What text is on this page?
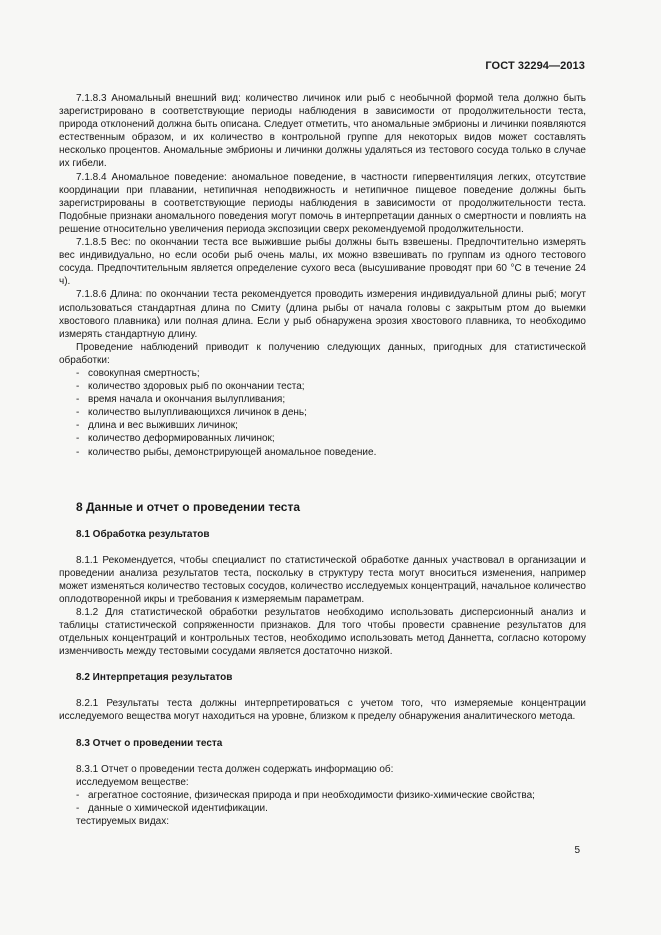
ГОСТ 32294—2013

7.1.8.3 Аномальный внешний вид: количество личинок или рыб с необычной формой тела должно быть зарегистрировано в соответствующие периоды наблюдения в зависимости от продолжительности теста, природа отклонений должна быть описана. Следует отметить, что аномальные эмбрионы и личинки появляются естественным образом, и их количество в контрольной группе для некоторых видов может составлять несколько процентов. Аномальные эмбрионы и личинки должны удаляться из тестового сосуда только в случае их гибели.

7.1.8.4 Аномальное поведение: аномальное поведение, в частности гипервентиляция легких, отсутствие координации при плавании, нетипичная неподвижность и нетипичное пищевое поведение должны быть зарегистрированы в соответствующие периоды наблюдения в зависимости от продолжительности теста. Подобные признаки аномального поведения могут помочь в интерпретации данных о смертности и повлиять на решение относительно увеличения периода экспозиции сверх рекомендуемой продолжительности.

7.1.8.5 Вес: по окончании теста все выжившие рыбы должны быть взвешены. Предпочтительно измерять вес индивидуально, но если особи рыб очень малы, их можно взвешивать по группам из одного тестового сосуда. Предпочтительным является определение сухого веса (высушивание проводят при 60 °С в течение 24 ч).

7.1.8.6 Длина: по окончании теста рекомендуется проводить измерения индивидуальной длины рыб; могут использоваться стандартная длина по Смиту (длина рыбы от начала головы с закрытым ртом до выемки хвостового плавника) или полная длина. Если у рыб обнаружена эрозия хвостового плавника, то необходимо измерять стандартную длину.

Проведение наблюдений приводит к получению следующих данных, пригодных для статистической обработки:

- совокупная смертность;
- количество здоровых рыб по окончании теста;
- время начала и окончания вылупливания;
- количество вылупливающихся личинок в день;
- длина и вес выживших личинок;
- количество деформированных личинок;
- количество рыбы, демонстрирующей аномальное поведение.
8 Данные и отчет о проведении теста
8.1 Обработка результатов

8.1.1 Рекомендуется, чтобы специалист по статистической обработке данных участвовал в организации и проведении анализа результатов теста, поскольку в структуру теста могут вноситься изменения, например может изменяться количество тестовых сосудов, количество исследуемых концентраций, начальное количество оплодотворенной икры и требования к измеряемым параметрам.

8.1.2 Для статистической обработки результатов необходимо использовать дисперсионный анализ и таблицы статистической сопряженности признаков. Для того чтобы провести сравнение результатов для отдельных концентраций и контрольных тестов, необходимо использовать метод Даннетта, согласно которому изменчивость между тестовыми сосудами является достаточно низкой.

8.2 Интерпретация результатов

8.2.1 Результаты теста должны интерпретироваться с учетом того, что измеряемые концентрации исследуемого вещества могут находиться на уровне, близком к пределу обнаружения аналитического метода.

8.3 Отчет о проведении теста

8.3.1 Отчет о проведении теста должен содержать информацию об:

исследуемом веществе:
- агрегатное состояние, физическая природа и при необходимости физико-химические свойства;
- данные о химической идентификации.
тестируемых видах:
5
